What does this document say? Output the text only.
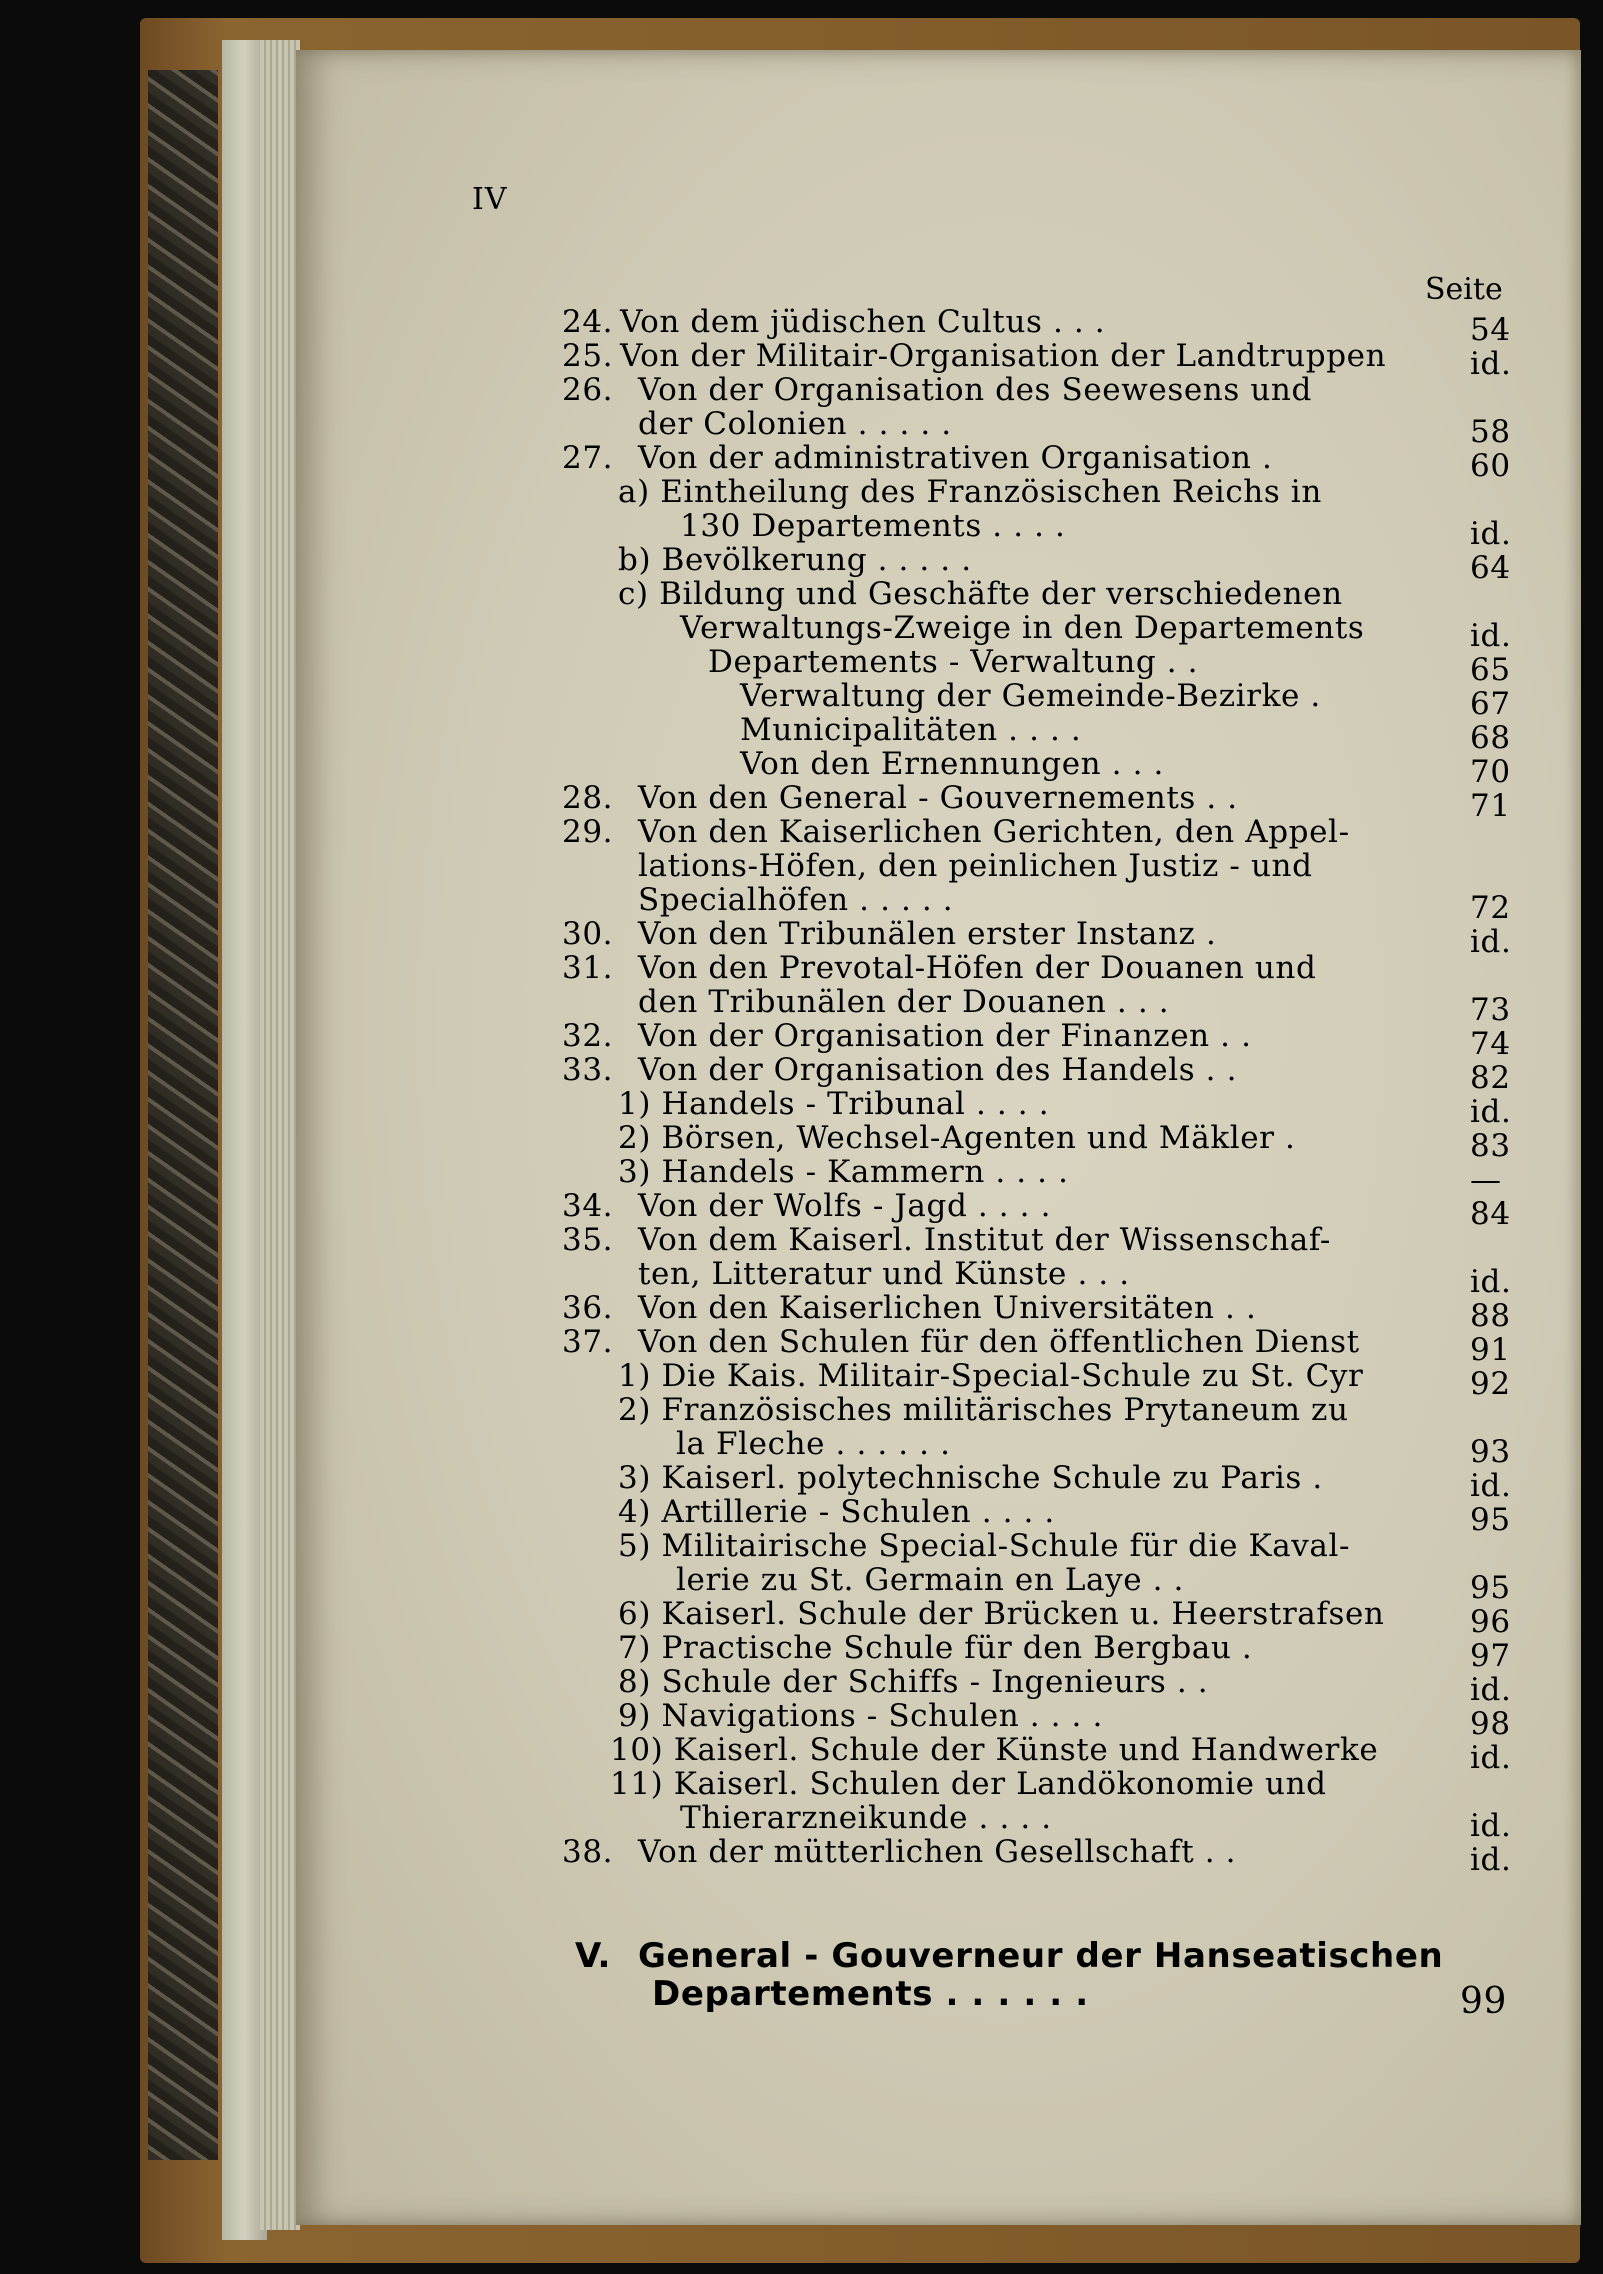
IV
Seite
24. Von dem jüdischen Cultus . . .	54
25. Von der Militair-Organisation der Landtruppen	id.
26. Von der Organisation des Seewesens und
der Colonien . . . . .	58
27. Von der administrativen Organisation .	60
a) Eintheilung des Französischen Reichs in
130 Departements . . . .	id.
b) Bevölkerung . . . . .	64
c) Bildung und Geschäfte der verschiedenen
Verwaltungs-Zweige in den Departements	id.
Departements - Verwaltung . .	65
Verwaltung der Gemeinde-Bezirke .	67
Municipalitäten . . . .	68
Von den Ernennungen . . .	70
28. Von den General - Gouvernements . .	71
29. Von den Kaiserlichen Gerichten, den Appel-
lations-Höfen, den peinlichen Justiz - und
Specialhöfen . . . . .	72
30. Von den Tribunälen erster Instanz .	id.
31. Von den Prevotal-Höfen der Douanen und
den Tribunälen der Douanen . . .	73
32. Von der Organisation der Finanzen . .	74
33. Von der Organisation des Handels . .	82
1) Handels - Tribunal . . . .	id.
2) Börsen, Wechsel-Agenten und Mäkler .	83
3) Handels - Kammern . . . .	—
34. Von der Wolfs - Jagd . . . .	84
35. Von dem Kaiserl. Institut der Wissenschaf-
ten, Litteratur und Künste . . .	id.
36. Von den Kaiserlichen Universitäten . .	88
37. Von den Schulen für den öffentlichen Dienst	91
1) Die Kais. Militair-Special-Schule zu St. Cyr	92
2) Französisches militärisches Prytaneum zu
la Fleche . . . . . .	93
3) Kaiserl. polytechnische Schule zu Paris .	id.
4) Artillerie - Schulen . . . .	95
5) Militairische Special-Schule für die Kaval-
lerie zu St. Germain en Laye . .	95
6) Kaiserl. Schule der Brücken u. Heerstrafsen	96
7) Practische Schule für den Bergbau .	97
8) Schule der Schiffs - Ingenieurs . .	id.
9) Navigations - Schulen . . . .	98
10) Kaiserl. Schule der Künste und Handwerke	id.
11) Kaiserl. Schulen der Landökonomie und
Thierarzneikunde . . . .	id.
38. Von der mütterlichen Gesellschaft . .	id.
V. General - Gouverneur der Hanseatischen
Departements . . . . . .	99
